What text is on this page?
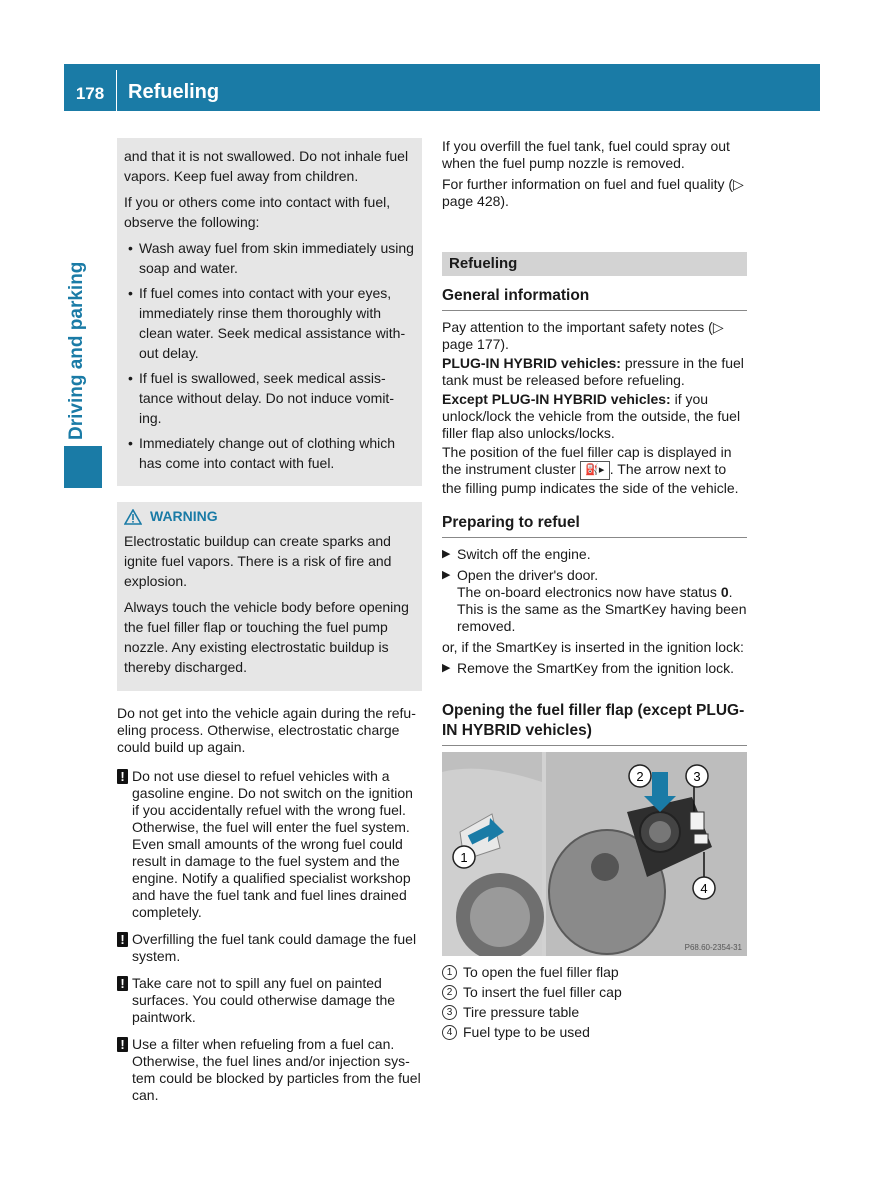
178	Refueling
Driving and parking

and that it is not swallowed. Do not inhale fuel vapors. Keep fuel away from children.

If you or others come into contact with fuel, observe the following:

• Wash away fuel from skin immediately using soap and water.
• If fuel comes into contact with your eyes, immediately rinse them thoroughly with clean water. Seek medical assistance with-out delay.
• If fuel is swallowed, seek medical assis-tance without delay. Do not induce vomit-ing.
• Immediately change out of clothing which has come into contact with fuel.
WARNING

Electrostatic buildup can create sparks and ignite fuel vapors. There is a risk of fire and explosion.

Always touch the vehicle body before opening the fuel filler flap or touching the fuel pump nozzle. Any existing electrostatic buildup is thereby discharged.

Do not get into the vehicle again during the refu-eling process. Otherwise, electrostatic charge could build up again.

! Do not use diesel to refuel vehicles with a gasoline engine. Do not switch on the ignition if you accidentally refuel with the wrong fuel. Otherwise, the fuel will enter the fuel system. Even small amounts of the wrong fuel could result in damage to the fuel system and the engine. Notify a qualified specialist workshop and have the fuel tank and fuel lines drained completely.
! Overfilling the fuel tank could damage the fuel system.
! Take care not to spill any fuel on painted surfaces. You could otherwise damage the paintwork.
! Use a filter when refueling from a fuel can. Otherwise, the fuel lines and/or injection sys-tem could be blocked by particles from the fuel can.

If you overfill the fuel tank, fuel could spray out when the fuel pump nozzle is removed.

For further information on fuel and fuel quality (▷ page 428).

Refueling
General information

Pay attention to the important safety notes (▷ page 177).

PLUG-IN HYBRID vehicles: pressure in the fuel tank must be released before refueling.

Except PLUG-IN HYBRID vehicles: if you unlock/lock the vehicle from the outside, the fuel filler flap also unlocks/locks.

The position of the fuel filler cap is displayed in the instrument cluster ⛽▸ . The arrow next to the filling pump indicates the side of the vehicle.

Preparing to refuel
▶ Switch off the engine.
▶ Open the driver's door.
The on-board electronics now have status 0. This is the same as the SmartKey having been removed.

or, if the SmartKey is inserted in the ignition lock:

▶ Remove the SmartKey from the ignition lock.
Opening the fuel filler flap (except PLUG-IN HYBRID vehicles)
2	3
4
1
P68.60-2354-31
1 To open the fuel filler flap
2 To insert the fuel filler cap
3 Tire pressure table
4 Fuel type to be used
